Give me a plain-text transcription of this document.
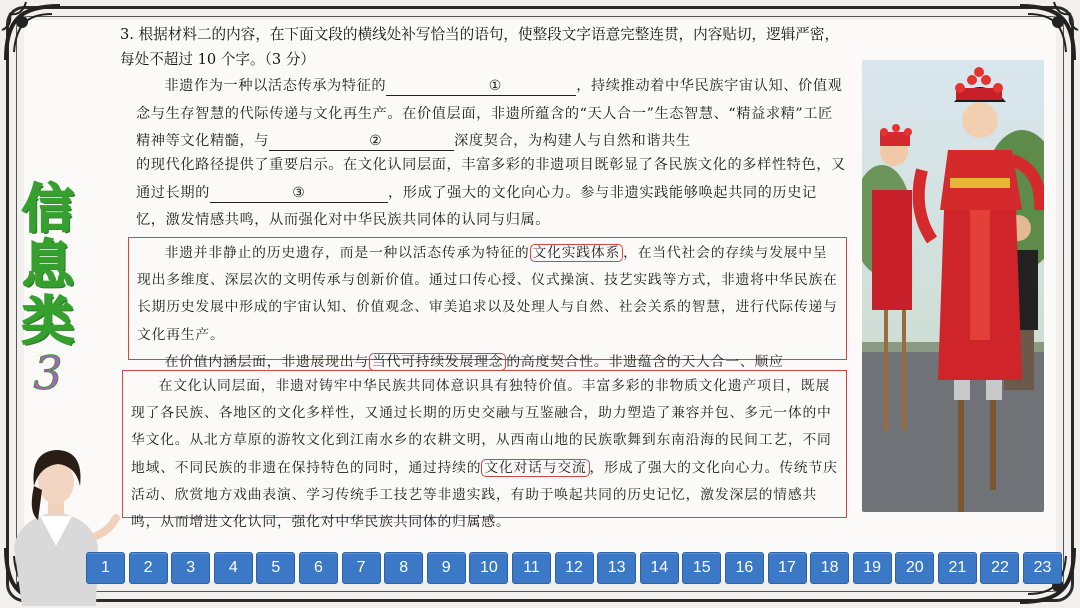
信
息
类
3
3. 根据材料二的内容，在下面文段的横线处补写恰当的语句，使整段文字语意完整连贯，内容贴切，逻辑严密，每处不超过 10 个字。（3 分）

非遗作为一种以活态传承为特征的	①	，持续推动着中华民族宇宙认知、价值观念与生存智慧的代际传递与文化再生产。在价值层面，非遗所蕴含的“天人合一”生态智慧、“精益求精”工匠精神等文化精髓，与	②	深度契合，为构建人与自然和谐共生

的现代化路径提供了重要启示。在文化认同层面，丰富多彩的非遗项目既彰显了各民族文化的多样性特色，又通过长期的	③	，形成了强大的文化向心力。参与非遗实践能够唤起共同的历史记忆，激发情感共鸣，从而强化对中华民族共同体的认同与归属。

非遗并非静止的历史遗存，而是一种以活态传承为特征的 文化实践体系 ，在当代社会的存续与发展中呈现出多维度、深层次的文明传承与创新价值。通过口传心授、仪式操演、技艺实践等方式，非遗将中华民族在长期历史发展中形成的宇宙认知、价值观念、审美追求以及处理人与自然、社会关系的智慧，进行代际传递与文化再生产。

在价值内涵层面，非遗展现出与 当代可持续发展理念 的高度契合性。非遗蕴含的天人合一、顺应

在文化认同层面，非遗对铸牢中华民族共同体意识具有独特价值。丰富多彩的非物质文化遗产项目，既展现了各民族、各地区的文化多样性，又通过长期的历史交融与互鉴融合，助力塑造了兼容并包、多元一体的中华文化。从北方草原的游牧文化到江南水乡的农耕文明，从西南山地的民族歌舞到东南沿海的民间工艺，不同地域、不同民族的非遗在保持特色的同时，通过持续的 文化对话与交流 ，形成了强大的文化向心力。传统节庆活动、欣赏地方戏曲表演、学习传统手工技艺等非遗实践，有助于唤起共同的历史记忆，激发深层的情感共鸣，从而增进文化认同，强化对中华民族共同体的归属感。

1	2	3	4	5	6	7	8	9	10	11	12	13	14	15	16	17	18	19	20	21	22	23
